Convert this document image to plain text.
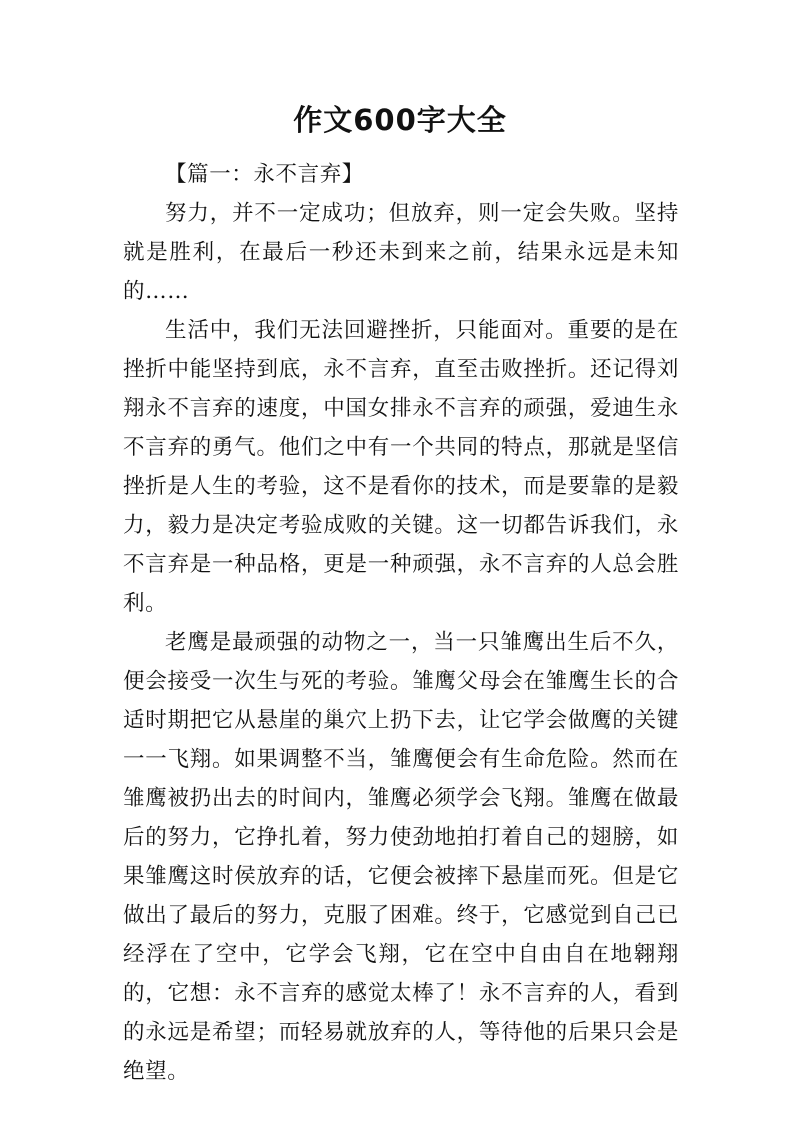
作文600字大全

【篇一：永不言弃】

努力，并不一定成功；但放弃，则一定会失败。坚持就是胜利，在最后一秒还未到来之前，结果永远是未知的……

生活中，我们无法回避挫折，只能面对。重要的是在挫折中能坚持到底，永不言弃，直至击败挫折。还记得刘翔永不言弃的速度，中国女排永不言弃的顽强，爱迪生永不言弃的勇气。他们之中有一个共同的特点，那就是坚信挫折是人生的考验，这不是看你的技术，而是要靠的是毅力，毅力是决定考验成败的关键。这一切都告诉我们，永不言弃是一种品格，更是一种顽强，永不言弃的人总会胜利。

老鹰是最顽强的动物之一，当一只雏鹰出生后不久，便会接受一次生与死的考验。雏鹰父母会在雏鹰生长的合适时期把它从悬崖的巢穴上扔下去，让它学会做鹰的关键一一飞翔。如果调整不当，雏鹰便会有生命危险。然而在雏鹰被扔出去的时间内，雏鹰必须学会飞翔。雏鹰在做最后的努力，它挣扎着，努力使劲地拍打着自己的翅膀，如果雏鹰这时侯放弃的话，它便会被摔下悬崖而死。但是它做出了最后的努力，克服了困难。终于，它感觉到自己已经浮在了空中，它学会飞翔，它在空中自由自在地翱翔的，它想：永不言弃的感觉太棒了！永不言弃的人，看到的永远是希望；而轻易就放弃的人，等待他的后果只会是绝望。
